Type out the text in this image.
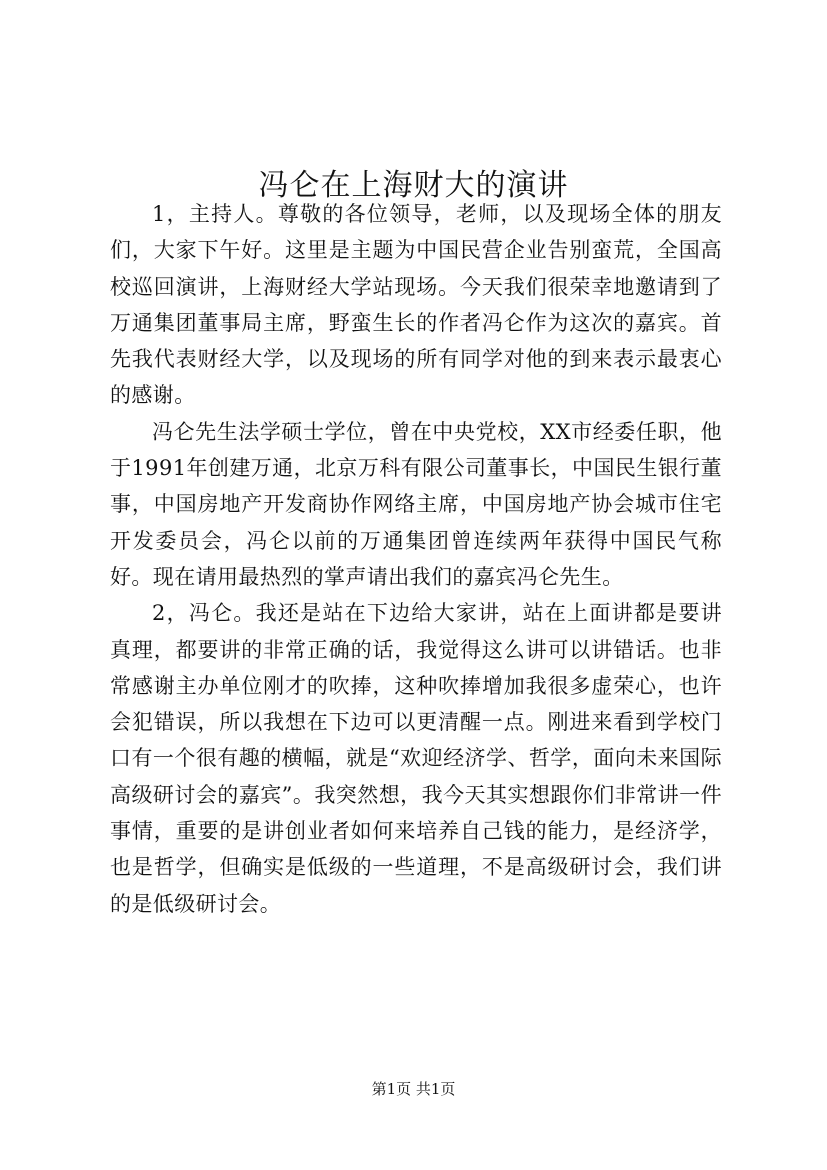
冯仑在上海财大的演讲

1，主持人。尊敬的各位领导，老师，以及现场全体的朋友们，大家下午好。这里是主题为中国民营企业告别蛮荒，全国高校巡回演讲，上海财经大学站现场。今天我们很荣幸地邀请到了万通集团董事局主席，野蛮生长的作者冯仑作为这次的嘉宾。首先我代表财经大学，以及现场的所有同学对他的到来表示最衷心的感谢。

冯仑先生法学硕士学位，曾在中央党校，XX市经委任职，他于1991年创建万通，北京万科有限公司董事长，中国民生银行董事，中国房地产开发商协作网络主席，中国房地产协会城市住宅开发委员会，冯仑以前的万通集团曾连续两年获得中国民气称好。现在请用最热烈的掌声请出我们的嘉宾冯仑先生。

2，冯仑。我还是站在下边给大家讲，站在上面讲都是要讲真理，都要讲的非常正确的话，我觉得这么讲可以讲错话。也非常感谢主办单位刚才的吹捧，这种吹捧增加我很多虚荣心，也许会犯错误，所以我想在下边可以更清醒一点。刚进来看到学校门口有一个很有趣的横幅，就是“欢迎经济学、哲学，面向未来国际高级研讨会的嘉宾”。我突然想，我今天其实想跟你们非常讲一件事情，重要的是讲创业者如何来培养自己钱的能力，是经济学，也是哲学，但确实是低级的一些道理，不是高级研讨会，我们讲的是低级研讨会。

第1页 共1页
